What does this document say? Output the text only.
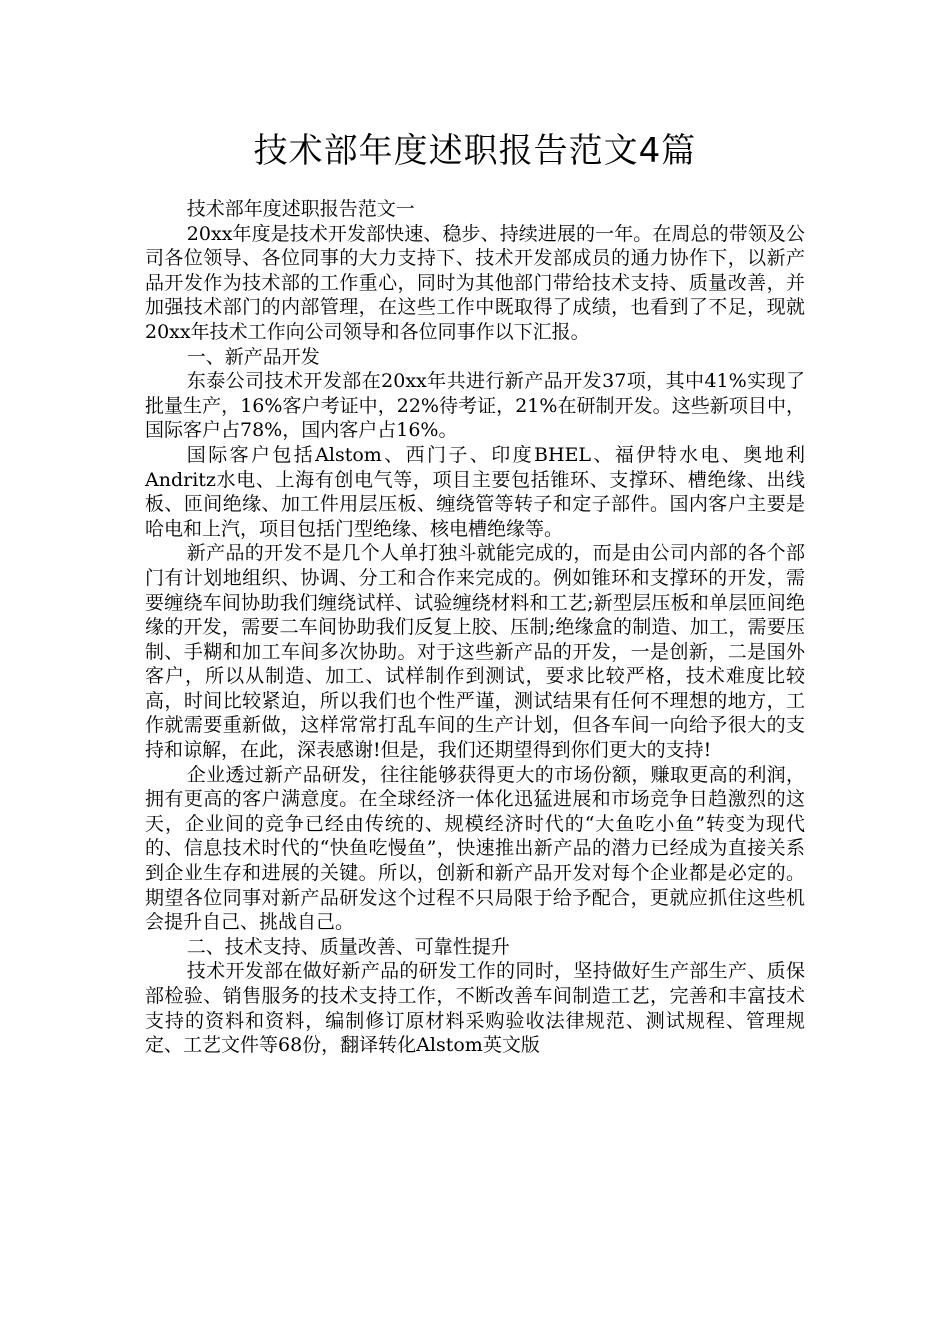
技术部年度述职报告范文4篇

技术部年度述职报告范文一

20xx年度是技术开发部快速、稳步、持续进展的一年。在周总的带领及公司各位领导、各位同事的大力支持下、技术开发部成员的通力协作下，以新产品开发作为技术部的工作重心，同时为其他部门带给技术支持、质量改善，并加强技术部门的内部管理，在这些工作中既取得了成绩，也看到了不足，现就20xx年技术工作向公司领导和各位同事作以下汇报。

一、新产品开发

东泰公司技术开发部在20xx年共进行新产品开发37项，其中41%实现了批量生产，16%客户考证中，22%待考证，21%在研制开发。这些新项目中，国际客户占78%，国内客户占16%。

国际客户包括Alstom、西门子、印度BHEL、福伊特水电、奥地利Andritz水电、上海有创电气等，项目主要包括锥环、支撑环、槽绝缘、出线板、匝间绝缘、加工件用层压板、缠绕管等转子和定子部件。国内客户主要是哈电和上汽，项目包括门型绝缘、核电槽绝缘等。

新产品的开发不是几个人单打独斗就能完成的，而是由公司内部的各个部门有计划地组织、协调、分工和合作来完成的。例如锥环和支撑环的开发，需要缠绕车间协助我们缠绕试样、试验缠绕材料和工艺;新型层压板和单层匝间绝缘的开发，需要二车间协助我们反复上胶、压制;绝缘盒的制造、加工，需要压制、手糊和加工车间多次协助。对于这些新产品的开发，一是创新，二是国外客户，所以从制造、加工、试样制作到测试，要求比较严格，技术难度比较高，时间比较紧迫，所以我们也个性严谨，测试结果有任何不理想的地方，工作就需要重新做，这样常常打乱车间的生产计划，但各车间一向给予很大的支持和谅解，在此，深表感谢!但是，我们还期望得到你们更大的支持!

企业透过新产品研发，往往能够获得更大的市场份额，赚取更高的利润，拥有更高的客户满意度。在全球经济一体化迅猛进展和市场竞争日趋激烈的这天，企业间的竞争已经由传统的、规模经济时代的“大鱼吃小鱼”转变为现代的、信息技术时代的“快鱼吃慢鱼”，快速推出新产品的潜力已经成为直接关系到企业生存和进展的关键。所以，创新和新产品开发对每个企业都是必定的。期望各位同事对新产品研发这个过程不只局限于给予配合，更就应抓住这些机会提升自己、挑战自己。

二、技术支持、质量改善、可靠性提升

技术开发部在做好新产品的研发工作的同时，坚持做好生产部生产、质保部检验、销售服务的技术支持工作，不断改善车间制造工艺，完善和丰富技术支持的资料和资料，编制修订原材料采购验收法律规范、测试规程、管理规定、工艺文件等68份，翻译转化Alstom英文版
